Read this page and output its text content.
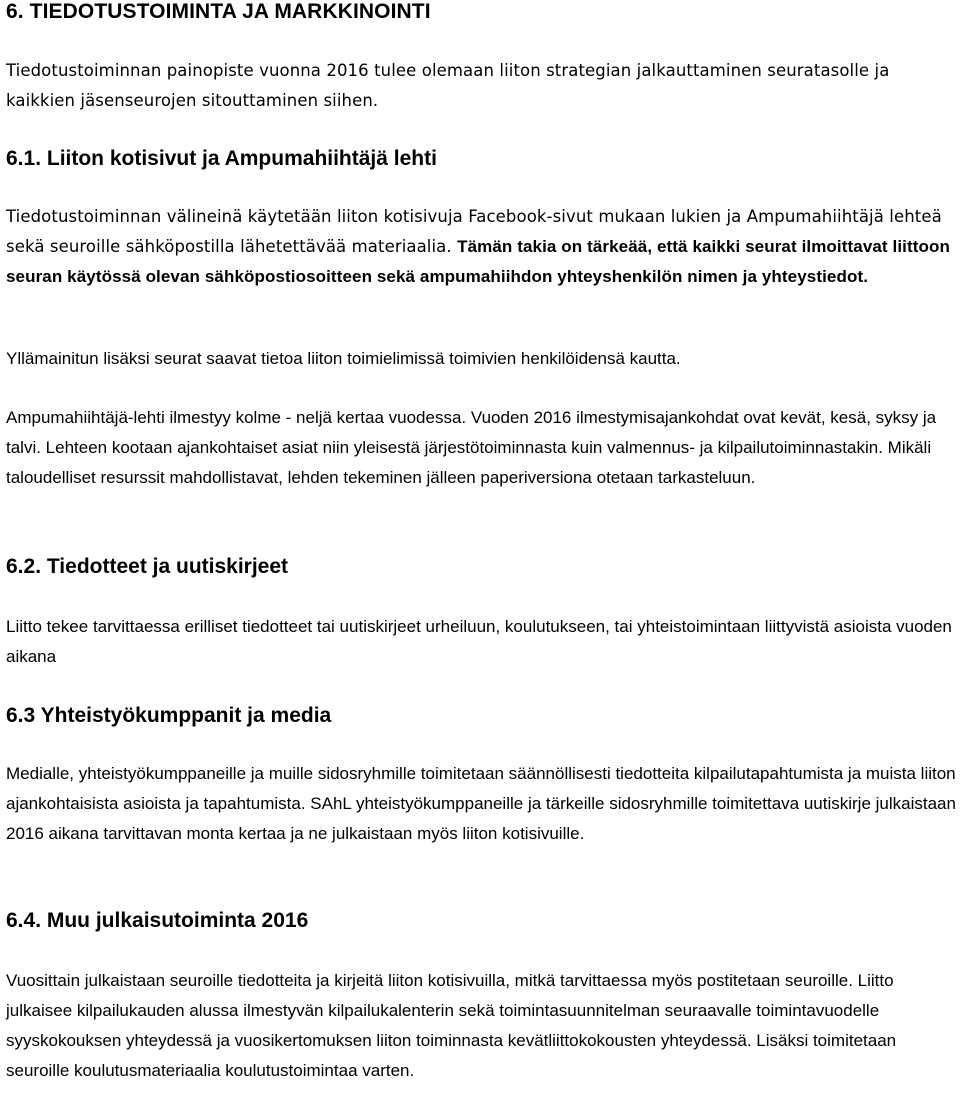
6. TIEDOTUSTOIMINTA JA MARKKINOINTI

Tiedotustoiminnan painopiste vuonna 2016 tulee olemaan liiton strategian jalkauttaminen seuratasolle ja kaikkien jäsenseurojen sitouttaminen siihen.

6.1. Liiton kotisivut ja Ampumahiihtäjä lehti

Tiedotustoiminnan välineinä käytetään liiton kotisivuja Facebook-sivut mukaan lukien ja Ampumahiihtäjä lehteä sekä seuroille sähköpostilla lähetettävää materiaalia. Tämän takia on tärkeää, että kaikki seurat ilmoittavat liittoon seuran käytössä olevan sähköpostiosoitteen sekä ampumahiihdon yhteyshenkilön nimen ja yhteystiedot.

Yllämainitun lisäksi seurat saavat tietoa liiton toimielimissä toimivien henkilöidensä kautta.

Ampumahiihtäjä-lehti ilmestyy kolme - neljä kertaa vuodessa. Vuoden 2016 ilmestymisajankohdat ovat kevät, kesä, syksy ja talvi. Lehteen kootaan ajankohtaiset asiat niin yleisestä järjestötoiminnasta kuin valmennus- ja kilpailutoiminnastakin. Mikäli taloudelliset resurssit mahdollistavat, lehden tekeminen jälleen paperiversiona otetaan tarkasteluun.

6.2. Tiedotteet ja uutiskirjeet

Liitto tekee tarvittaessa erilliset tiedotteet tai uutiskirjeet urheiluun, koulutukseen, tai yhteistoimintaan liittyvistä asioista vuoden aikana

6.3 Yhteistyökumppanit ja media

Medialle, yhteistyökumppaneille ja muille sidosryhmille toimitetaan säännöllisesti tiedotteita kilpailutapahtumista ja muista liiton ajankohtaisista asioista ja tapahtumista. SAhL yhteistyökumppaneille ja tärkeille sidosryhmille toimitettava uutiskirje julkaistaan 2016 aikana tarvittavan monta kertaa ja ne julkaistaan myös liiton kotisivuille.

6.4. Muu julkaisutoiminta 2016

Vuosittain julkaistaan seuroille tiedotteita ja kirjeitä liiton kotisivuilla, mitkä tarvittaessa myös postitetaan seuroille. Liitto julkaisee kilpailukauden alussa ilmestyvän kilpailukalenterin sekä toimintasuunnitelman seuraavalle toimintavuodelle syyskokouksen yhteydessä ja vuosikertomuksen liiton toiminnasta kevätliittokokousten yhteydessä. Lisäksi toimitetaan seuroille koulutusmateriaalia koulutustoimintaa varten.
